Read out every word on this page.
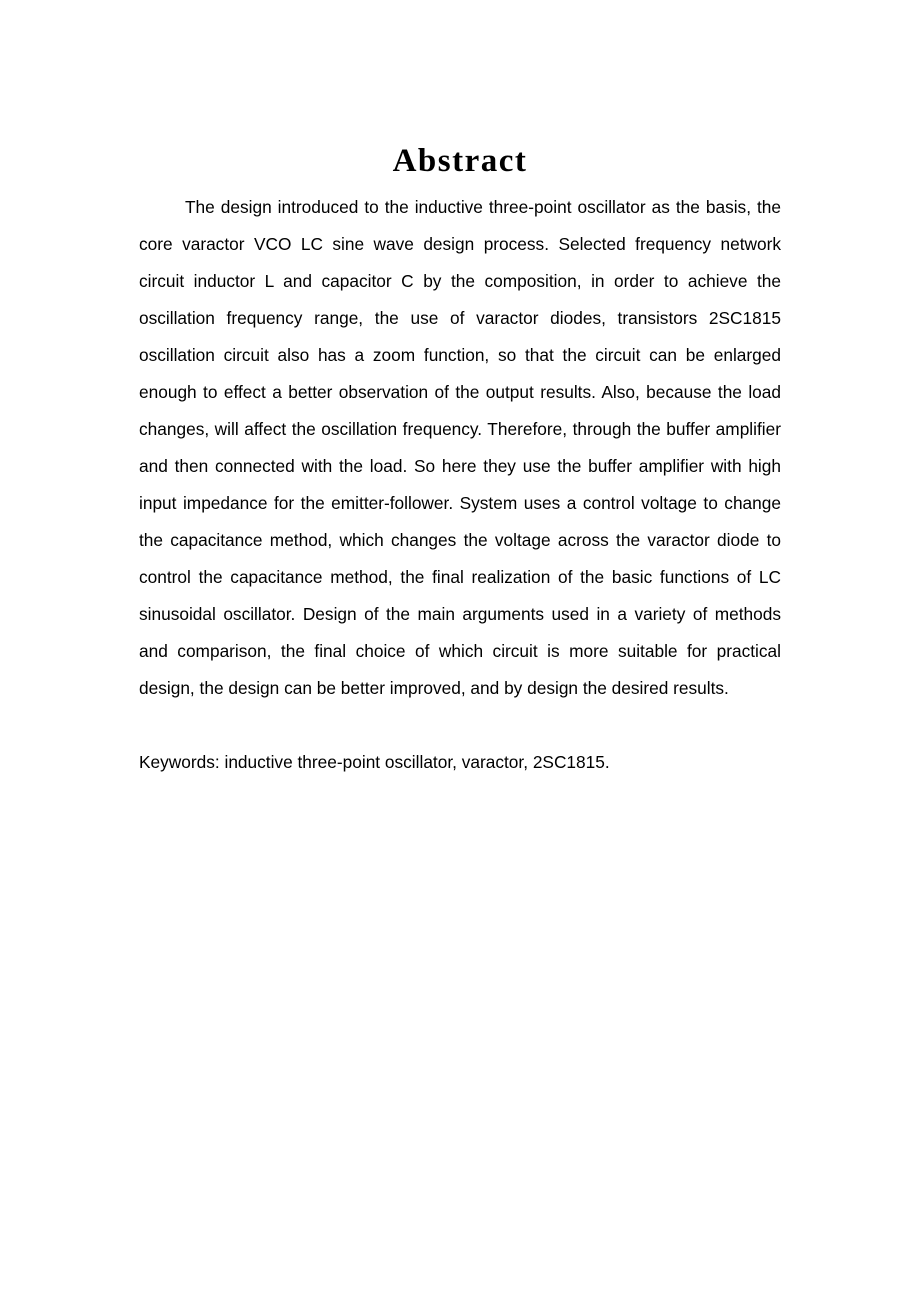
Abstract

The design introduced to the inductive three-point oscillator as the basis, the core varactor VCO LC sine wave design process. Selected frequency network circuit inductor L and capacitor C by the composition, in order to achieve the oscillation frequency range, the use of varactor diodes, transistors 2SC1815 oscillation circuit also has a zoom function, so that the circuit can be enlarged enough to effect a better observation of the output results. Also, because the load changes, will affect the oscillation frequency. Therefore, through the buffer amplifier and then connected with the load. So here they use the buffer amplifier with high input impedance for the emitter-follower. System uses a control voltage to change the capacitance method, which changes the voltage across the varactor diode to control the capacitance method, the final realization of the basic functions of LC sinusoidal oscillator. Design of the main arguments used in a variety of methods and comparison, the final choice of which circuit is more suitable for practical design, the design can be better improved, and by design the desired results.

Keywords: inductive three-point oscillator, varactor, 2SC1815.
